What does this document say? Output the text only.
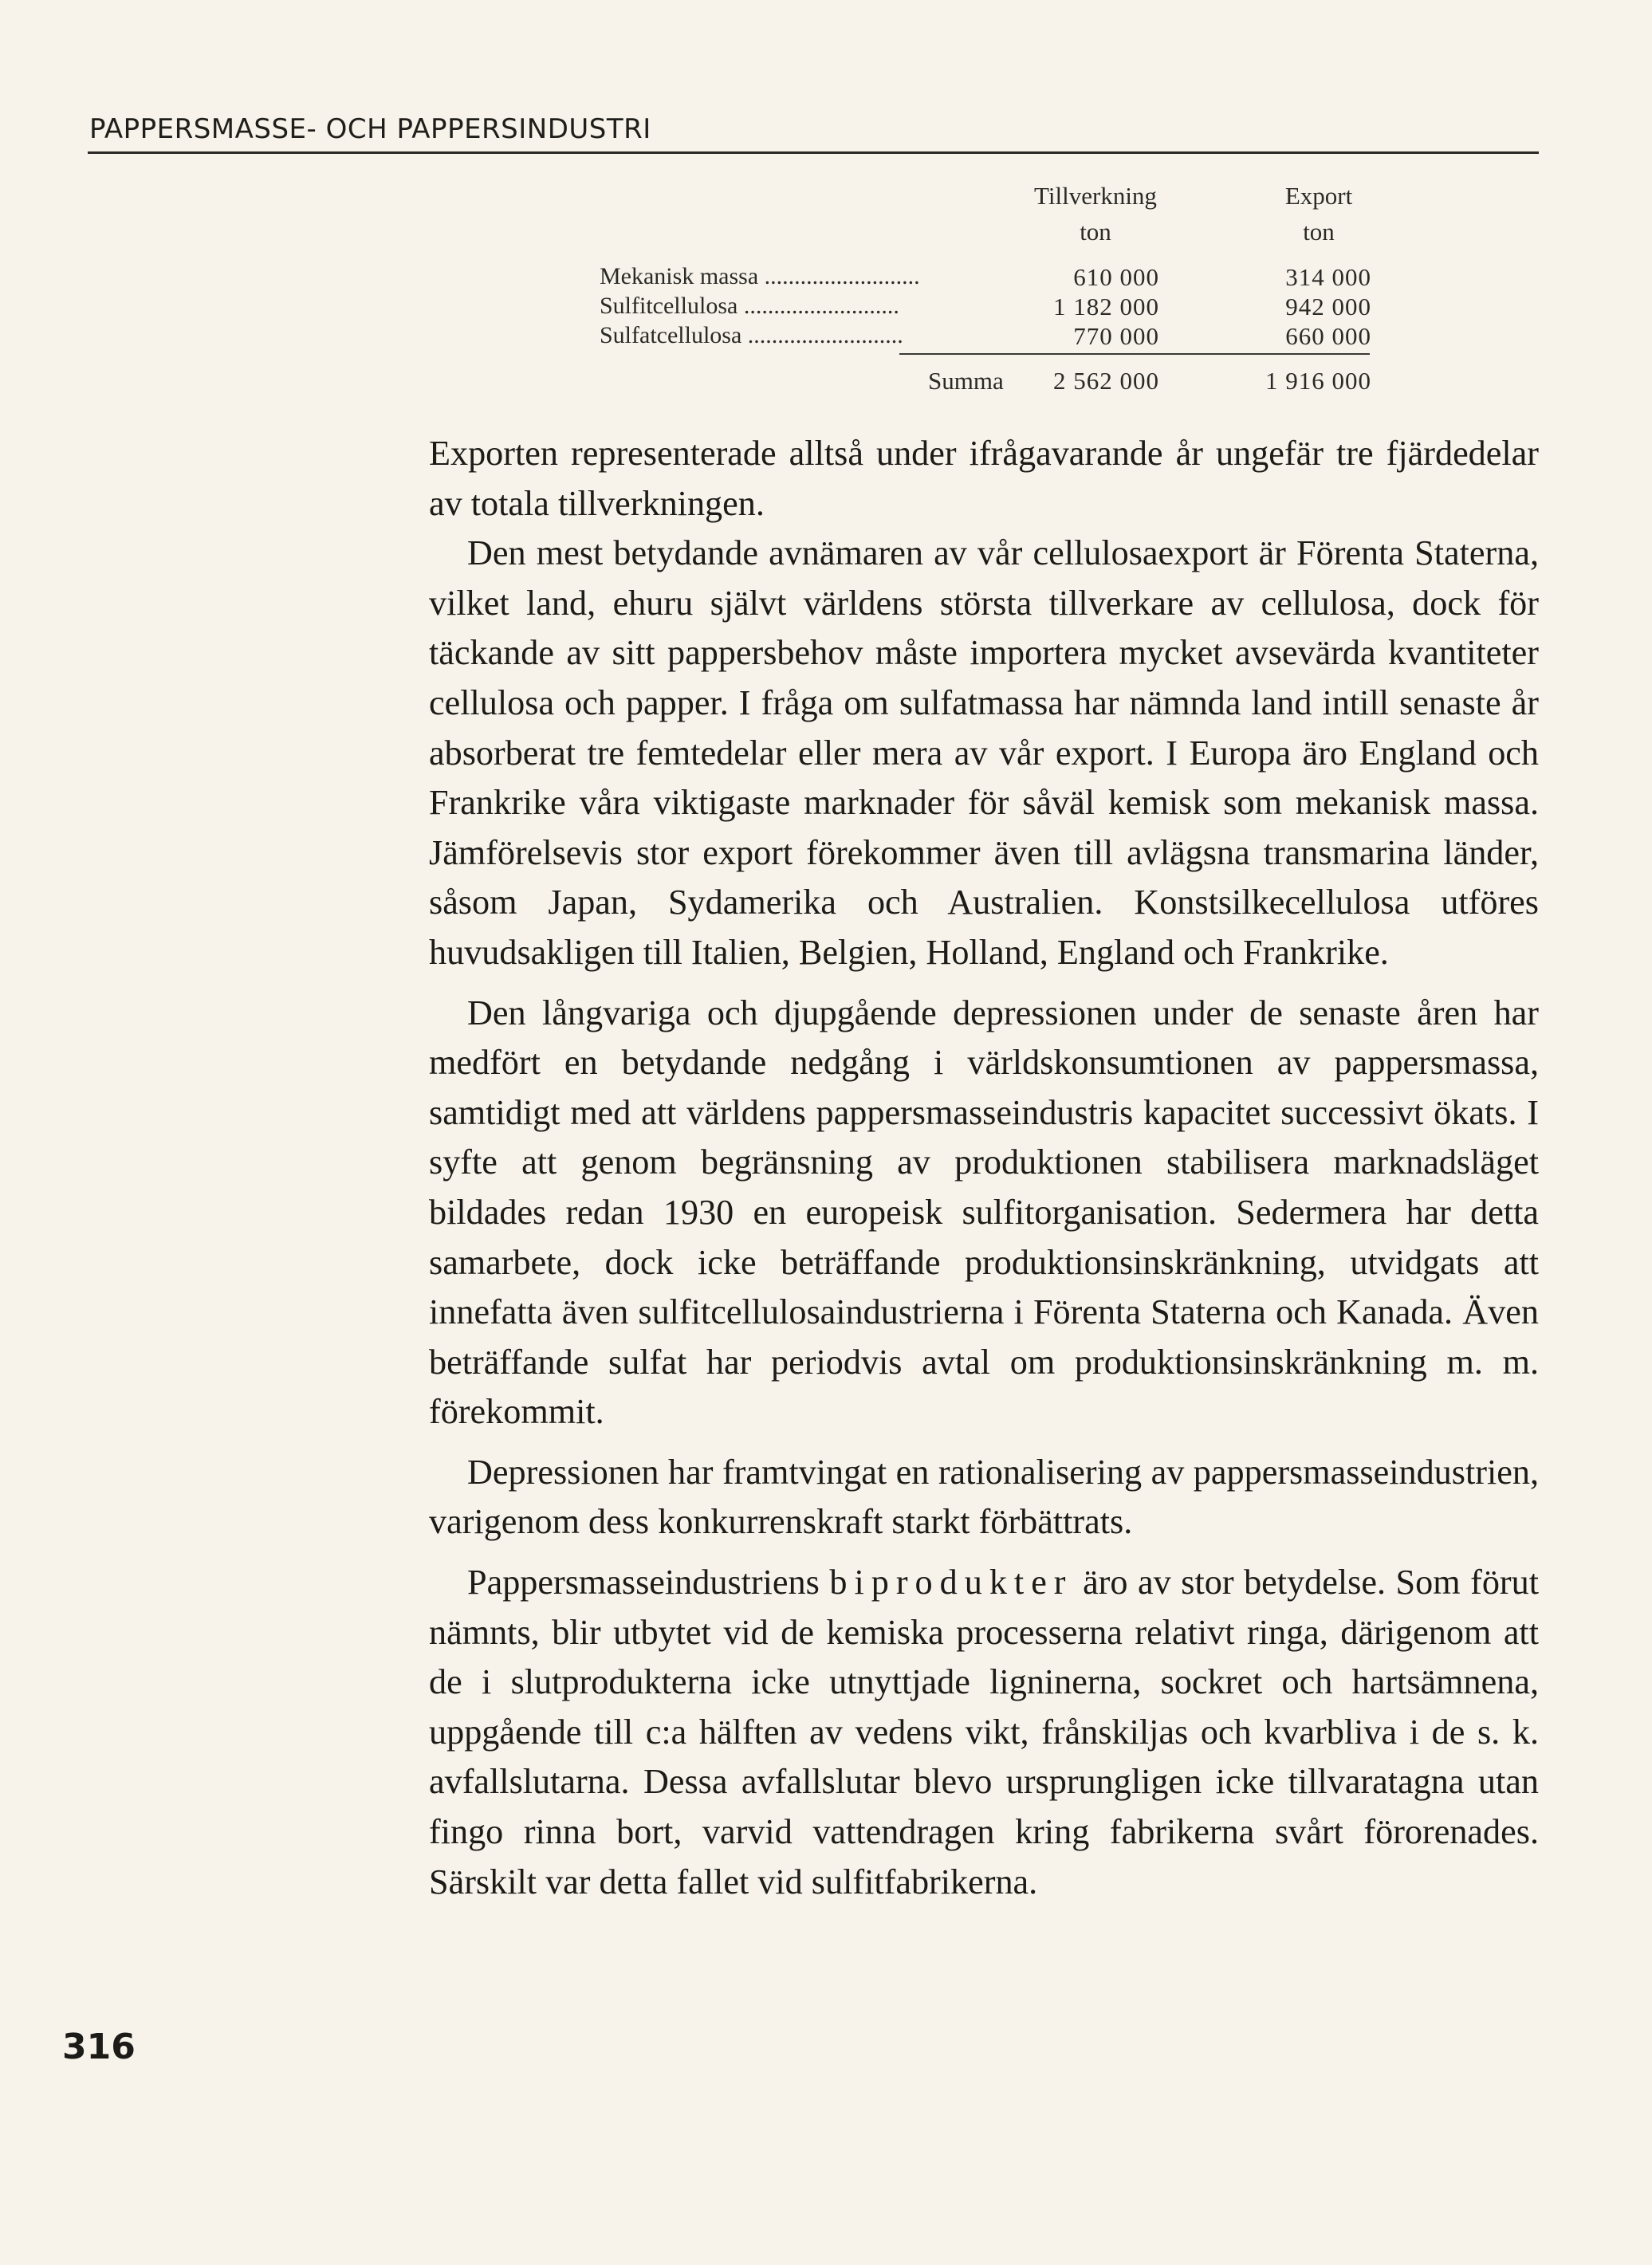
PAPPERSMASSE- OCH PAPPERSINDUSTRI
Tillverkning
ton
Export
ton
Mekanisk massa ..........................	610 000	314 000
Sulfitcellulosa ..........................	1 182 000	942 000
Sulfatcellulosa ..........................	770 000	660 000
Summa	2 562 000	1 916 000

Exporten representerade alltså under ifrågavarande år ungefär tre fjärdedelar av totala tillverkningen.

Den mest betydande avnämaren av vår cellulosaexport är Förenta Staterna, vilket land, ehuru självt världens största tillverkare av cellulosa, dock för täckande av sitt pappersbehov måste importera mycket avsevärda kvantiteter cellulosa och papper. I fråga om sulfatmassa har nämnda land intill senaste år absorberat tre femtedelar eller mera av vår export. I Europa äro England och Frankrike våra viktigaste marknader för såväl kemisk som mekanisk massa. Jämförelsevis stor export förekommer även till avlägsna transmarina länder, såsom Japan, Sydamerika och Australien. Konstsilkecellulosa utföres huvudsakligen till Italien, Belgien, Holland, England och Frankrike.

Den långvariga och djupgående depressionen under de senaste åren har medfört en betydande nedgång i världskonsumtionen av pappersmassa, samtidigt med att världens pappersmasseindustris kapacitet successivt ökats. I syfte att genom begränsning av produktionen stabilisera marknadsläget bildades redan 1930 en europeisk sulfitorganisation. Sedermera har detta samarbete, dock icke beträffande produktionsinskränkning, utvidgats att innefatta även sulfitcellulosaindustrierna i Förenta Staterna och Kanada. Även beträffande sulfat har periodvis avtal om produktionsinskränkning m. m. förekommit.

Depressionen har framtvingat en rationalisering av pappersmasseindustrien, varigenom dess konkurrenskraft starkt förbättrats.

Pappersmasseindustriens biprodukter äro av stor betydelse. Som förut nämnts, blir utbytet vid de kemiska processerna relativt ringa, därigenom att de i slutprodukterna icke utnyttjade ligninerna, sockret och hartsämnena, uppgående till c:a hälften av vedens vikt, frånskiljas och kvarbliva i de s. k. avfallslutarna. Dessa avfallslutar blevo ursprungligen icke tillvaratagna utan fingo rinna bort, varvid vattendragen kring fabrikerna svårt förorenades. Särskilt var detta fallet vid sulfitfabrikerna.

316
